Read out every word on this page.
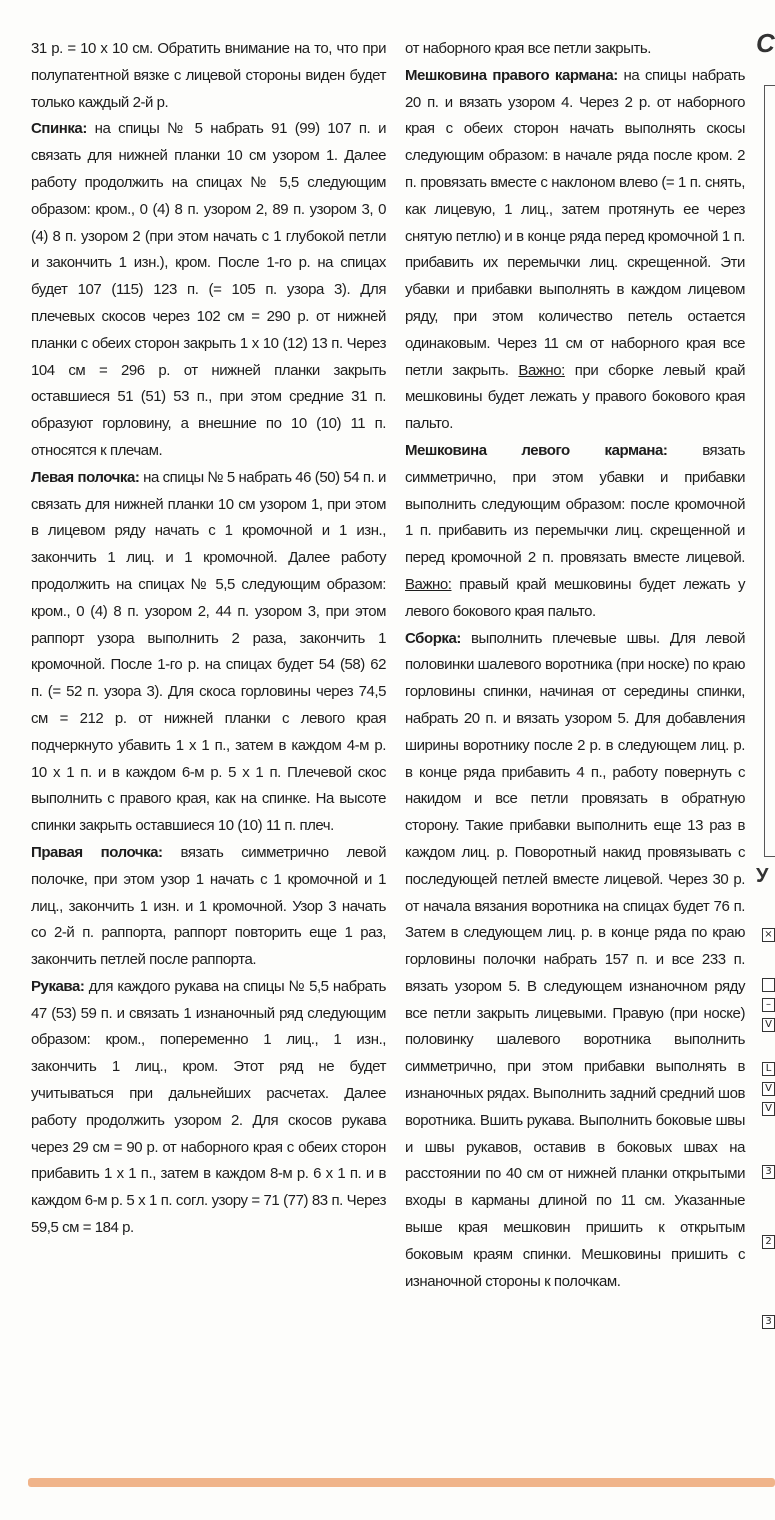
31 р. = 10 х 10 см. Обратить внимание на то, что при полупатентной вязке с лицевой стороны виден будет только каждый 2-й р.

Спинка: на спицы № 5 набрать 91 (99) 107 п. и связать для нижней планки 10 см узором 1. Далее работу продолжить на спицах № 5,5 следующим образом: кром., 0 (4) 8 п. узором 2, 89 п. узором 3, 0 (4) 8 п. узором 2 (при этом начать с 1 глубокой петли и закончить 1 изн.), кром. После 1-го р. на спицах будет 107 (115) 123 п. (= 105 п. узора 3). Для плечевых скосов через 102 см = 290 р. от нижней планки с обеих сторон закрыть 1 х 10 (12) 13 п. Через 104 см = 296 р. от нижней планки закрыть оставшиеся 51 (51) 53 п., при этом средние 31 п. образуют горловину, а внешние по 10 (10) 11 п. относятся к плечам.

Левая полочка: на спицы № 5 набрать 46 (50) 54 п. и связать для нижней планки 10 см узором 1, при этом в лицевом ряду начать с 1 кромочной и 1 изн., закончить 1 лиц. и 1 кромочной. Далее работу продолжить на спицах № 5,5 следующим образом: кром., 0 (4) 8 п. узором 2, 44 п. узором 3, при этом раппорт узора выполнить 2 раза, закончить 1 кромочной. После 1-го р. на спицах будет 54 (58) 62 п. (= 52 п. узора 3). Для скоса горловины через 74,5 см = 212 р. от нижней планки с левого края подчеркнуто убавить 1 х 1 п., затем в каждом 4-м р. 10 х 1 п. и в каждом 6-м р. 5 х 1 п. Плечевой скос выполнить с правого края, как на спинке. На высоте спинки закрыть оставшиеся 10 (10) 11 п. плеч.

Правая полочка: вязать симметрично левой полочке, при этом узор 1 начать с 1 кромочной и 1 лиц., закончить 1 изн. и 1 кромочной. Узор 3 начать со 2-й п. раппорта, раппорт повторить еще 1 раз, закончить петлей после раппорта.

Рукава: для каждого рукава на спицы № 5,5 набрать 47 (53) 59 п. и связать 1 изнаночный ряд следующим образом: кром., попеременно 1 лиц., 1 изн., закончить 1 лиц., кром. Этот ряд не будет учитываться при дальнейших расчетах. Далее работу продолжить узором 2. Для скосов рукава через 29 см = 90 р. от наборного края с обеих сторон прибавить 1 х 1 п., затем в каждом 8-м р. 6 х 1 п. и в каждом 6-м р. 5 х 1 п. согл. узору = 71 (77) 83 п. Через 59,5 см = 184 р.

от наборного края все петли закрыть.

Мешковина правого кармана: на спицы набрать 20 п. и вязать узором 4. Через 2 р. от наборного края с обеих сторон начать выполнять скосы следующим образом: в начале ряда после кром. 2 п. провязать вместе с наклоном влево (= 1 п. снять, как лицевую, 1 лиц., затем протянуть ее через снятую петлю) и в конце ряда перед кромочной 1 п. прибавить их перемычки лиц. скрещенной. Эти убавки и прибавки выполнять в каждом лицевом ряду, при этом количество петель остается одинаковым. Через 11 см от наборного края все петли закрыть. Важно: при сборке левый край мешковины будет лежать у правого бокового края пальто.

Мешковина левого кармана: вязать симметрично, при этом убавки и прибавки выполнить следующим образом: после кромочной 1 п. прибавить из перемычки лиц. скрещенной и перед кромочной 2 п. провязать вместе лицевой. Важно: правый край мешковины будет лежать у левого бокового края пальто.

Сборка: выполнить плечевые швы. Для левой половинки шалевого воротника (при носке) по краю горловины спинки, начиная от середины спинки, набрать 20 п. и вязать узором 5. Для добавления ширины воротнику после 2 р. в следующем лиц. р. в конце ряда прибавить 4 п., работу повернуть с накидом и все петли провязать в обратную сторону. Такие прибавки выполнить еще 13 раз в каждом лиц. р. Поворотный накид провязывать с последующей петлей вместе лицевой. Через 30 р. от начала вязания воротника на спицах будет 76 п. Затем в следующем лиц. р. в конце ряда по краю горловины полочки набрать 157 п. и все 233 п. вязать узором 5. В следующем изнаночном ряду все петли закрыть лицевыми. Правую (при носке) половинку шалевого воротника выполнить симметрично, при этом прибавки выполнять в изнаночных рядах. Выполнить задний средний шов воротника. Вшить рукава. Выполнить боковые швы и швы рукавов, оставив в боковых швах на расстоянии по 40 см от нижней планки открытыми входы в карманы длиной по 11 см. Указанные выше края мешковин пришить к открытым боковым краям спинки. Мешковины пришить с изнаночной стороны к полочкам.

С
У
×
–
V
L
V
V
3
2
3
